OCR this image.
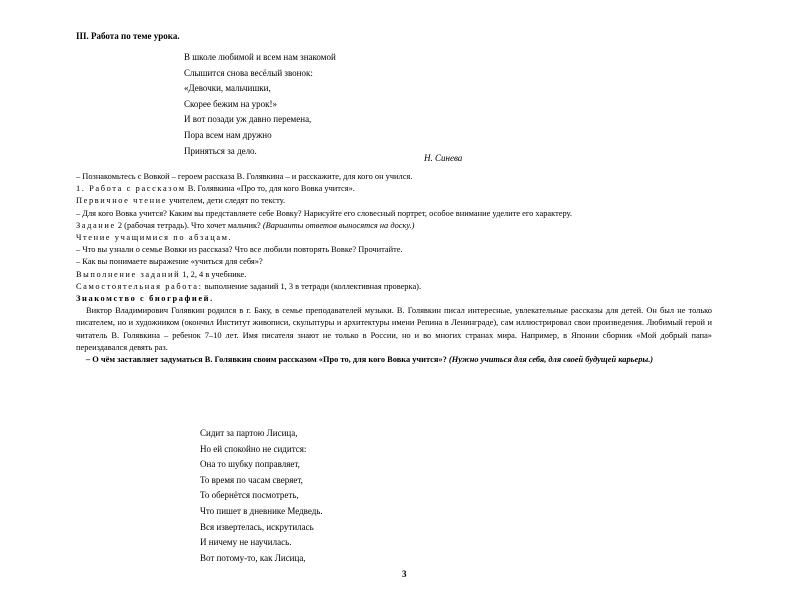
III. Работа по теме урока.
В школе любимой и всем нам знакомой
Слышится снова весёлый звонок:
«Девочки, мальчишки,
Скорее бежим на урок!»
И вот позади уж давно перемена,
Пора всем нам дружно
Приняться за дело.
Н. Синева

– Познакомьтесь с Вовкой – героем рассказа В. Голявкина – и расскажите, для кого он учился.

1. Работа с рассказом В. Голявкина «Про то, для кого Вовка учится».

Первичное чтение учителем, дети следят по тексту.

– Для кого Вовка учится? Каким вы представляете себе Вовку? Нарисуйте его словесный портрет, особое внимание уделите его характеру.

Задание 2 (рабочая тетрадь). Что хочет мальчик? (Варианты ответов выносятся на доску.)

Чтение учащимися по абзацам.

– Что вы узнали о семье Вовки из рассказа? Что все любили повторять Вовке? Прочитайте.

– Как вы понимаете выражение «учиться для себя»?

Выполнение заданий 1, 2, 4 в учебнике.

Самостоятельная работа: выполнение заданий 1, 3 в тетради (коллективная проверка).

Знакомство с биографией.

Виктор Владимирович Голявкин родился в г. Баку, в семье преподавателей музыки. В. Голявкин писал интересные, увлекательные рассказы для детей. Он был не только писателем, но и художником (окончил Институт живописи, скульптуры и архитектуры имени Репина в Ленинграде), сам иллюстрировал свои произведения. Любимый герой и читатель В. Голявкина – ребенок 7–10 лет. Имя писателя знают не только в России, но и во многих странах мира. Например, в Японии сборник «Мой добрый папа» переиздавался девять раз.

– О чём заставляет задуматься В. Голявкин своим рассказом «Про то, для кого Вовка учится»? (Нужно учиться для себя, для своей будущей карьеры.)

Сидит за партою Лисица,
Но ей спокойно не сидится:
Она то шубку поправляет,
То время по часам сверяет,
То обернётся посмотреть,
Что пишет в дневнике Медведь.
Вся извертелась, искрутилась
И ничему не научилась.
Вот потому-то, как Лисица,
3
